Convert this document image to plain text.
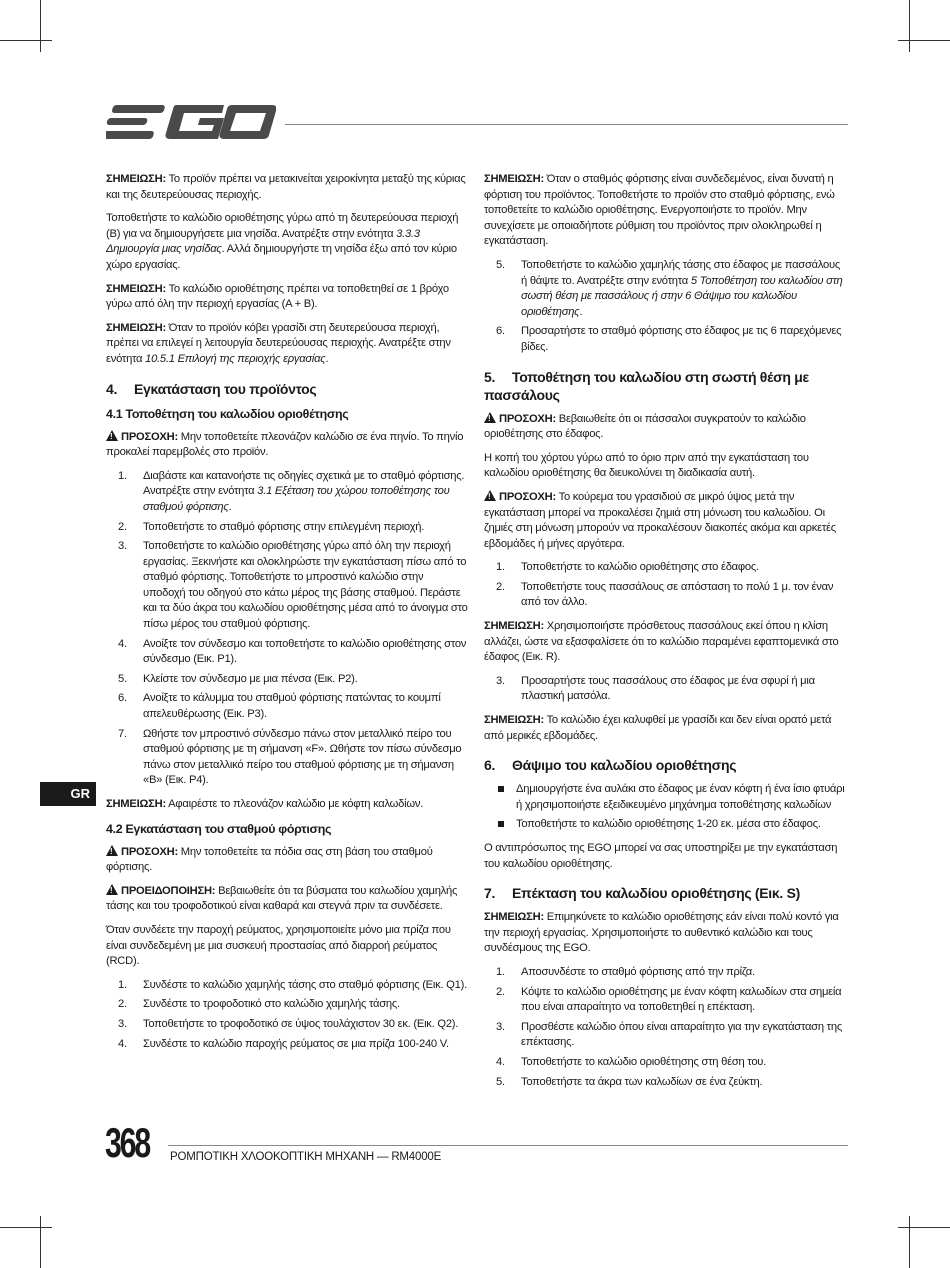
ΣΗΜΕΙΩΣΗ: Το προϊόν πρέπει να μετακινείται χειροκίνητα μεταξύ της κύριας και της δευτερεύουσας περιοχής.

Τοποθετήστε το καλώδιο οριοθέτησης γύρω από τη δευτερεύουσα περιοχή (B) για να δημιουργήσετε μια νησίδα. Ανατρέξτε στην ενότητα 3.3.3 Δημιουργία μιας νησίδας. Αλλά δημιουργήστε τη νησίδα έξω από τον κύριο χώρο εργασίας.

ΣΗΜΕΙΩΣΗ: Το καλώδιο οριοθέτησης πρέπει να τοποθετηθεί σε 1 βρόχο γύρω από όλη την περιοχή εργασίας (A + B).

ΣΗΜΕΙΩΣΗ: Όταν το προϊόν κόβει γρασίδι στη δευτερεύουσα περιοχή, πρέπει να επιλεγεί η λειτουργία δευτερεύουσας περιοχής. Ανατρέξτε στην ενότητα 10.5.1 Επιλογή της περιοχής εργασίας.

4. Εγκατάσταση του προϊόντος
4.1 Τοποθέτηση του καλωδίου οριοθέτησης

!ΠΡΟΣΟΧΗ: Μην τοποθετείτε πλεονάζον καλώδιο σε ένα πηνίο. Το πηνίο προκαλεί παρεμβολές στο προϊόν.

1. Διαβάστε και κατανοήστε τις οδηγίες σχετικά με το σταθμό φόρτισης. Ανατρέξτε στην ενότητα 3.1 Εξέταση του χώρου τοποθέτησης του σταθμού φόρτισης.
2. Τοποθετήστε το σταθμό φόρτισης στην επιλεγμένη περιοχή.
3. Τοποθετήστε το καλώδιο οριοθέτησης γύρω από όλη την περιοχή εργασίας. Ξεκινήστε και ολοκληρώστε την εγκατάσταση πίσω από το σταθμό φόρτισης. Τοποθετήστε το μπροστινό καλώδιο στην υποδοχή του οδηγού στο κάτω μέρος της βάσης σταθμού. Περάστε και τα δύο άκρα του καλωδίου οριοθέτησης μέσα από το άνοιγμα στο πίσω μέρος του σταθμού φόρτισης.
4. Ανοίξτε τον σύνδεσμο και τοποθετήστε το καλώδιο οριοθέτησης στον σύνδεσμο (Εικ. P1).
5. Κλείστε τον σύνδεσμο με μια πένσα (Εικ. P2).
6. Ανοίξτε το κάλυμμα του σταθμού φόρτισης πατώντας το κουμπί απελευθέρωσης (Εικ. P3).
7. Ωθήστε τον μπροστινό σύνδεσμο πάνω στον μεταλλικό πείρο του σταθμού φόρτισης με τη σήμανση «F». Ωθήστε τον πίσω σύνδεσμο πάνω στον μεταλλικό πείρο του σταθμού φόρτισης με τη σήμανση «B» (Εικ. P4).

ΣΗΜΕΙΩΣΗ: Αφαιρέστε το πλεονάζον καλώδιο με κόφτη καλωδίων.

4.2 Εγκατάσταση του σταθμού φόρτισης

!ΠΡΟΣΟΧΗ: Μην τοποθετείτε τα πόδια σας στη βάση του σταθμού φόρτισης.

!ΠΡΟΕΙΔΟΠΟΙΗΣΗ: Βεβαιωθείτε ότι τα βύσματα του καλωδίου χαμηλής τάσης και του τροφοδοτικού είναι καθαρά και στεγνά πριν τα συνδέσετε.

Όταν συνδέετε την παροχή ρεύματος, χρησιμοποιείτε μόνο μια πρίζα που είναι συνδεδεμένη με μια συσκευή προστασίας από διαρροή ρεύματος (RCD).

1. Συνδέστε το καλώδιο χαμηλής τάσης στο σταθμό φόρτισης (Εικ. Q1).
2. Συνδέστε το τροφοδοτικό στο καλώδιο χαμηλής τάσης.
3. Τοποθετήστε το τροφοδοτικό σε ύψος τουλάχιστον 30 εκ. (Εικ. Q2).
4. Συνδέστε το καλώδιο παροχής ρεύματος σε μια πρίζα 100-240 V.

ΣΗΜΕΙΩΣΗ: Όταν ο σταθμός φόρτισης είναι συνδεδεμένος, είναι δυνατή η φόρτιση του προϊόντος. Τοποθετήστε το προϊόν στο σταθμό φόρτισης, ενώ τοποθετείτε το καλώδιο οριοθέτησης. Ενεργοποιήστε το προϊόν. Μην συνεχίσετε με οποιαδήποτε ρύθμιση του προϊόντος πριν ολοκληρωθεί η εγκατάσταση.

5. Τοποθετήστε το καλώδιο χαμηλής τάσης στο έδαφος με πασσάλους ή θάψτε το. Ανατρέξτε στην ενότητα 5 Τοποθέτηση του καλωδίου στη σωστή θέση με πασσάλους ή στην 6 Θάψιμο του καλωδίου οριοθέτησης.
6. Προσαρτήστε το σταθμό φόρτισης στο έδαφος με τις 6 παρεχόμενες βίδες.
5. Τοποθέτηση του καλωδίου στη σωστή θέση με πασσάλους

!ΠΡΟΣΟΧΗ: Βεβαιωθείτε ότι οι πάσσαλοι συγκρατούν το καλώδιο οριοθέτησης στο έδαφος.

Η κοπή του χόρτου γύρω από το όριο πριν από την εγκατάσταση του καλωδίου οριοθέτησης θα διευκολύνει τη διαδικασία αυτή.

!ΠΡΟΣΟΧΗ: Το κούρεμα του γρασιδιού σε μικρό ύψος μετά την εγκατάσταση μπορεί να προκαλέσει ζημιά στη μόνωση του καλωδίου. Οι ζημιές στη μόνωση μπορούν να προκαλέσουν διακοπές ακόμα και αρκετές εβδομάδες ή μήνες αργότερα.

1. Τοποθετήστε το καλώδιο οριοθέτησης στο έδαφος.
2. Τοποθετήστε τους πασσάλους σε απόσταση το πολύ 1 μ. τον έναν από τον άλλο.

ΣΗΜΕΙΩΣΗ: Χρησιμοποιήστε πρόσθετους πασσάλους εκεί όπου η κλίση αλλάζει, ώστε να εξασφαλίσετε ότι το καλώδιο παραμένει εφαπτομενικά στο έδαφος (Εικ. R).

3. Προσαρτήστε τους πασσάλους στο έδαφος με ένα σφυρί ή μια πλαστική ματσόλα.

ΣΗΜΕΙΩΣΗ: Το καλώδιο έχει καλυφθεί με γρασίδι και δεν είναι ορατό μετά από μερικές εβδομάδες.

6. Θάψιμο του καλωδίου οριοθέτησης
Δημιουργήστε ένα αυλάκι στο έδαφος με έναν κόφτη ή ένα ίσιο φτυάρι ή χρησιμοποιήστε εξειδικευμένο μηχάνημα τοποθέτησης καλωδίων
Τοποθετήστε το καλώδιο οριοθέτησης 1-20 εκ. μέσα στο έδαφος.

Ο αντιπρόσωπος της EGO μπορεί να σας υποστηρίξει με την εγκατάσταση του καλωδίου οριοθέτησης.

7. Επέκταση του καλωδίου οριοθέτησης (Εικ. S)

ΣΗΜΕΙΩΣΗ: Επιμηκύνετε το καλώδιο οριοθέτησης εάν είναι πολύ κοντό για την περιοχή εργασίας. Χρησιμοποιήστε το αυθεντικό καλώδιο και τους συνδέσμους της EGO.

1. Αποσυνδέστε το σταθμό φόρτισης από την πρίζα.
2. Κόψτε το καλώδιο οριοθέτησης με έναν κόφτη καλωδίων στα σημεία που είναι απαραίτητο να τοποθετηθεί η επέκταση.
3. Προσθέστε καλώδιο όπου είναι απαραίτητο για την εγκατάσταση της επέκτασης.
4. Τοποθετήστε το καλώδιο οριοθέτησης στη θέση του.
5. Τοποθετήστε τα άκρα των καλωδίων σε ένα ζεύκτη.
GR
368 ΡΟΜΠΟΤΙΚΗ ΧΛΟΟΚΟΠΤΙΚΗ ΜΗΧΑΝΗ — RM4000E
